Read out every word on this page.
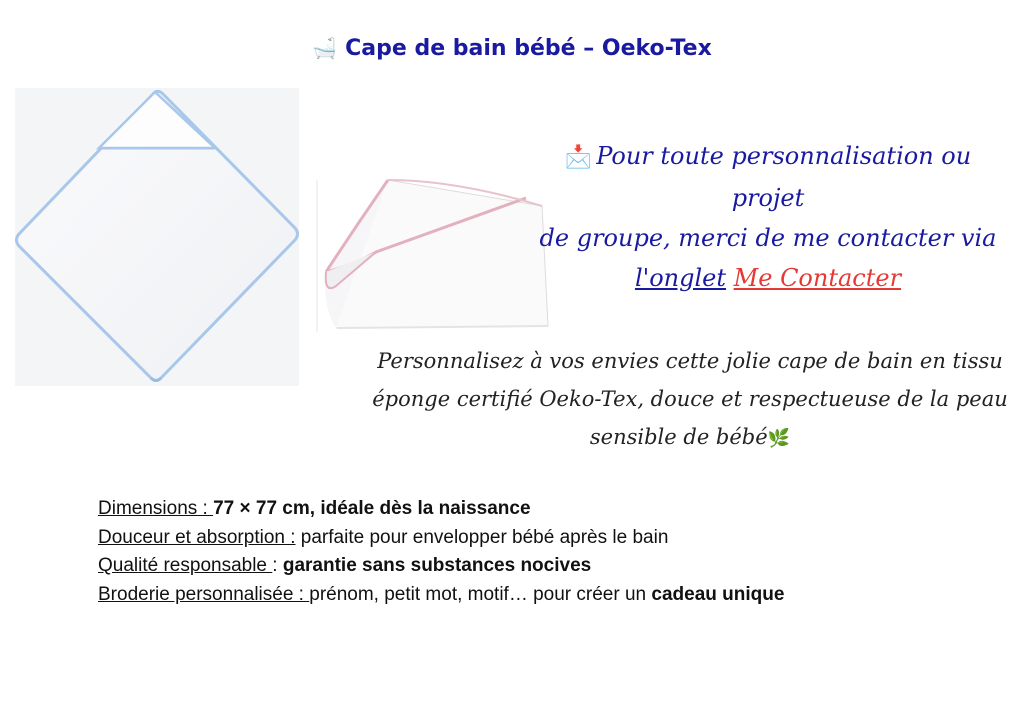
🛁 Cape de bain bébé – Oeko-Tex
📩 Pour toute personnalisation ou projet
de groupe, merci de me contacter via
l'onglet Me Contacter
Personnalisez à vos envies cette jolie cape de bain en tissu
éponge certifié Oeko-Tex, douce et respectueuse de la peau
sensible de bébé🌿
Dimensions : 77 × 77 cm, idéale dès la naissance
Douceur et absorption : parfaite pour envelopper bébé après le bain
Qualité responsable : garantie sans substances nocives
Broderie personnalisée : prénom, petit mot, motif… pour créer un cadeau unique
